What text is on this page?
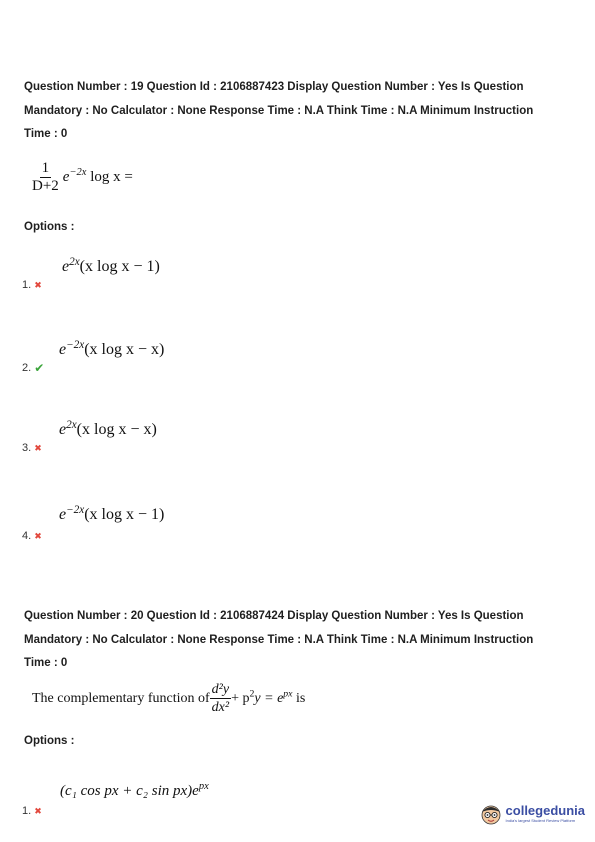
Question Number : 19 Question Id : 2106887423 Display Question Number : Yes Is Question
Mandatory : No Calculator : None Response Time : N.A Think Time : N.A Minimum Instruction
Time : 0
$\frac{1}{D+2} e^{-2x}$ log x =
Options :
$e^{2x}(x$ log x − 1)
1. ✖
$e^{-2x}(x$ log x − x)
2. ✔
$e^{2x}(x$ log x − x)
3. ✖
$e^{-2x}(x$ log x − 1)
4. ✖
Question Number : 20 Question Id : 2106887424 Display Question Number : Yes Is Question
Mandatory : No Calculator : None Response Time : N.A Think Time : N.A Minimum Instruction
Time : 0
The complementary function of $\frac{\text{d²y}}{\text{dx²}} + p^2y = e^{px}$ is
Options :
(c₁ cos px + c₂ $\sin px)e^{px}$
1. ✖	collegedunia
India's largest Student Review Platform
